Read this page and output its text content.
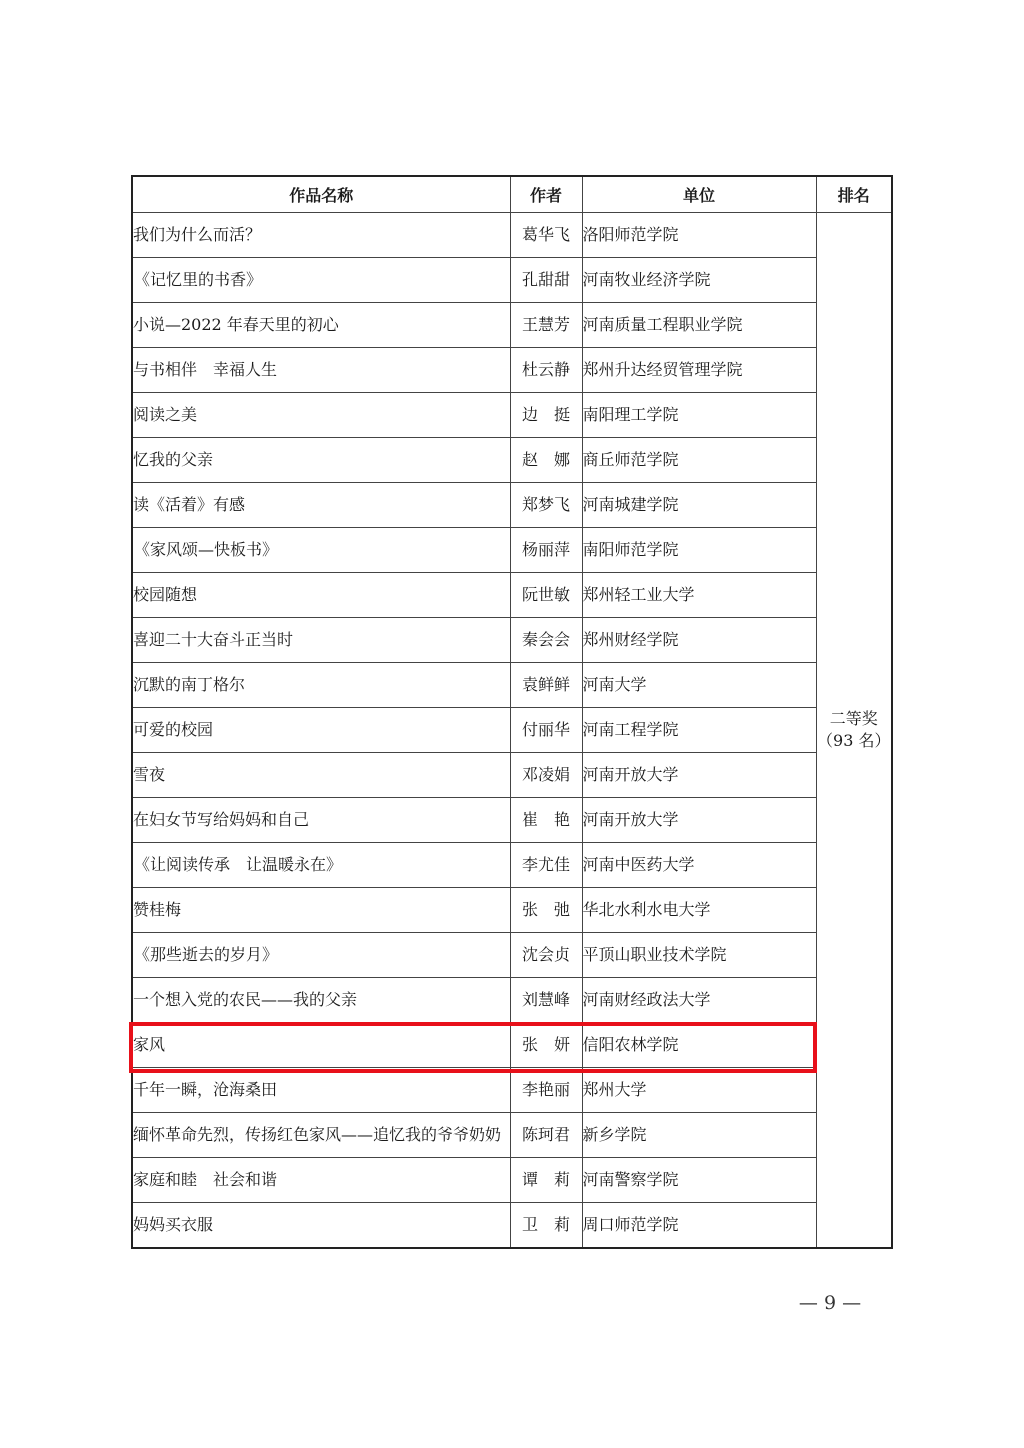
作品名称	作者	单位	排名
我们为什么而活？	葛华飞	洛阳师范学院	二等奖
（93 名）

《记忆里的书香》	孔甜甜	河南牧业经济学院	
小说—2022 年春天里的初心	王慧芳	河南质量工程职业学院	
与书相伴　幸福人生	杜云静	郑州升达经贸管理学院	
阅读之美	边　挺	南阳理工学院	
忆我的父亲	赵　娜	商丘师范学院	
读《活着》有感	郑梦飞	河南城建学院	
《家风颂—快板书》	杨丽萍	南阳师范学院	
校园随想	阮世敏	郑州轻工业大学	
喜迎二十大奋斗正当时	秦会会	郑州财经学院	
沉默的南丁格尔	袁鲜鲜	河南大学	
可爱的校园	付丽华	河南工程学院	
雪夜	邓凌娟	河南开放大学	
在妇女节写给妈妈和自己	崔　艳	河南开放大学	
《让阅读传承　让温暖永在》	李尤佳	河南中医药大学	
赞桂梅	张　弛	华北水利水电大学	
《那些逝去的岁月》	沈会贞	平顶山职业技术学院	
一个想入党的农民——我的父亲	刘慧峰	河南财经政法大学	
家风	张　妍	信阳农林学院	
千年一瞬，沧海桑田	李艳丽	郑州大学	
缅怀革命先烈，传扬红色家风——追忆我的爷爷奶奶	陈珂君	新乡学院	
家庭和睦　社会和谐	谭　莉	河南警察学院	
妈妈买衣服	卫　莉	周口师范学院	
— 9 —
